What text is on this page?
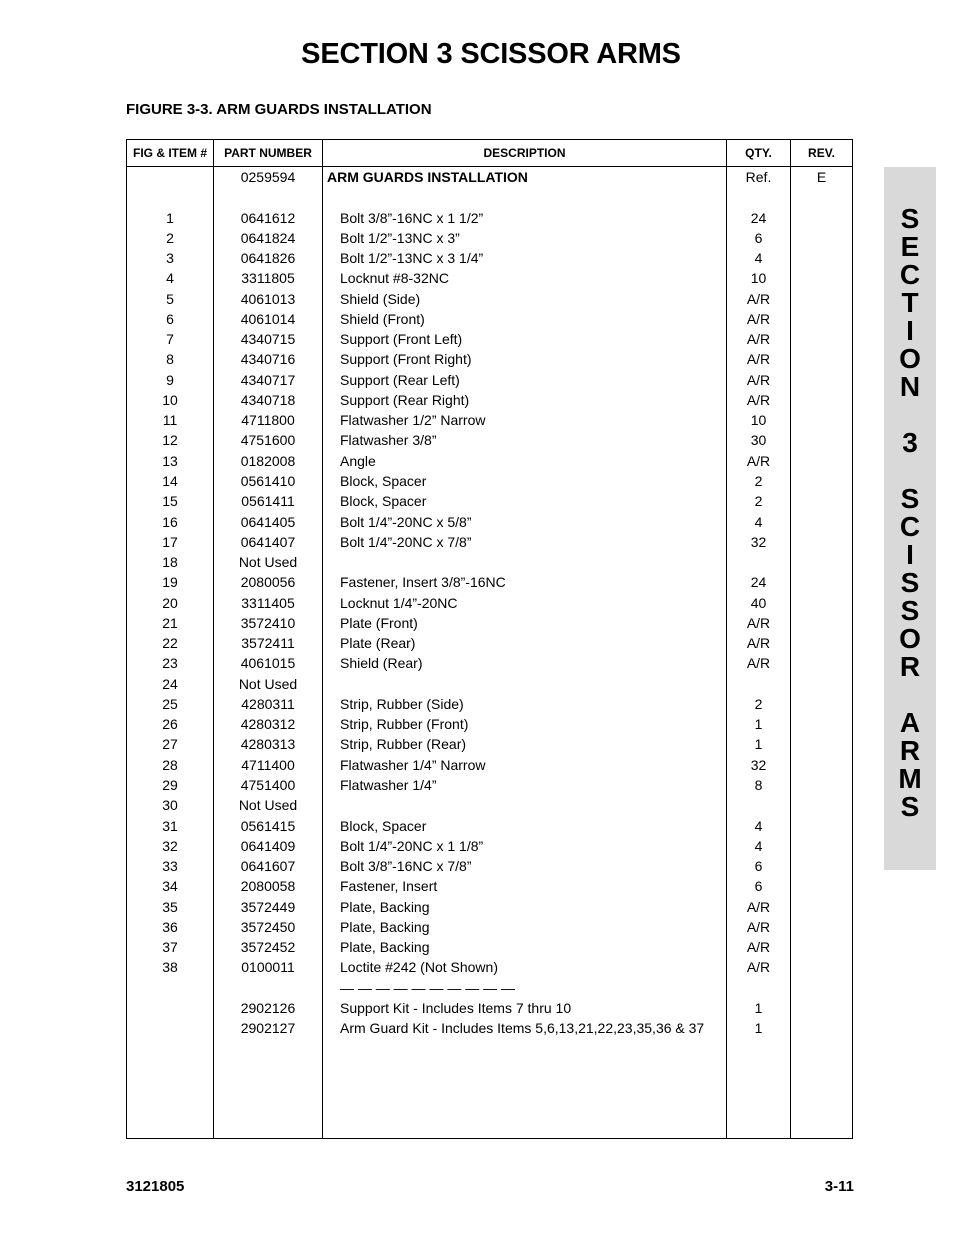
SECTION 3 SCISSOR ARMS
FIGURE 3-3. ARM GUARDS INSTALLATION
FIG & ITEM #	PART NUMBER	DESCRIPTION	QTY.	REV.
	0259594	ARM GUARDS INSTALLATION	Ref.	E

1	0641612	Bolt 3/8”-16NC x 1 1/2”	24	
2	0641824	Bolt 1/2”-13NC x 3”	6	
3	0641826	Bolt 1/2”-13NC x 3 1/4”	4	
4	3311805	Locknut #8-32NC	10	
5	4061013	Shield (Side)	A/R	
6	4061014	Shield (Front)	A/R	
7	4340715	Support (Front Left)	A/R	
8	4340716	Support (Front Right)	A/R	
9	4340717	Support (Rear Left)	A/R	
10	4340718	Support (Rear Right)	A/R	
11	4711800	Flatwasher 1/2” Narrow	10	
12	4751600	Flatwasher 3/8”	30	
13	0182008	Angle	A/R	
14	0561410	Block, Spacer	2	
15	0561411	Block, Spacer	2	
16	0641405	Bolt 1/4”-20NC x 5/8”	4	
17	0641407	Bolt 1/4”-20NC x 7/8”	32	
18	Not Used			
19	2080056	Fastener, Insert 3/8”-16NC	24	
20	3311405	Locknut 1/4”-20NC	40	
21	3572410	Plate (Front)	A/R	
22	3572411	Plate (Rear)	A/R	
23	4061015	Shield (Rear)	A/R	
24	Not Used			
25	4280311	Strip, Rubber (Side)	2	
26	4280312	Strip, Rubber (Front)	1	
27	4280313	Strip, Rubber (Rear)	1	
28	4711400	Flatwasher 1/4” Narrow	32	
29	4751400	Flatwasher 1/4”	8	
30	Not Used			
31	0561415	Block, Spacer	4	
32	0641409	Bolt 1/4”-20NC x 1 1/8”	4	
33	0641607	Bolt 3/8”-16NC x 7/8”	6	
34	2080058	Fastener, Insert	6	
35	3572449	Plate, Backing	A/R	
36	3572450	Plate, Backing	A/R	
37	3572452	Plate, Backing	A/R	
38	0100011	Loctite #242 (Not Shown)	A/R	
		— — — — — — — — — —		
	2902126	Support Kit - Includes Items 7 thru 10	1	
	2902127	Arm Guard Kit - Includes Items 5,6,13,21,22,23,35,36 & 37	1	

S
E
C
T
I
O
N

3

S
C
I
S
S
O
R

A
R
M
S
3121805	3-11
